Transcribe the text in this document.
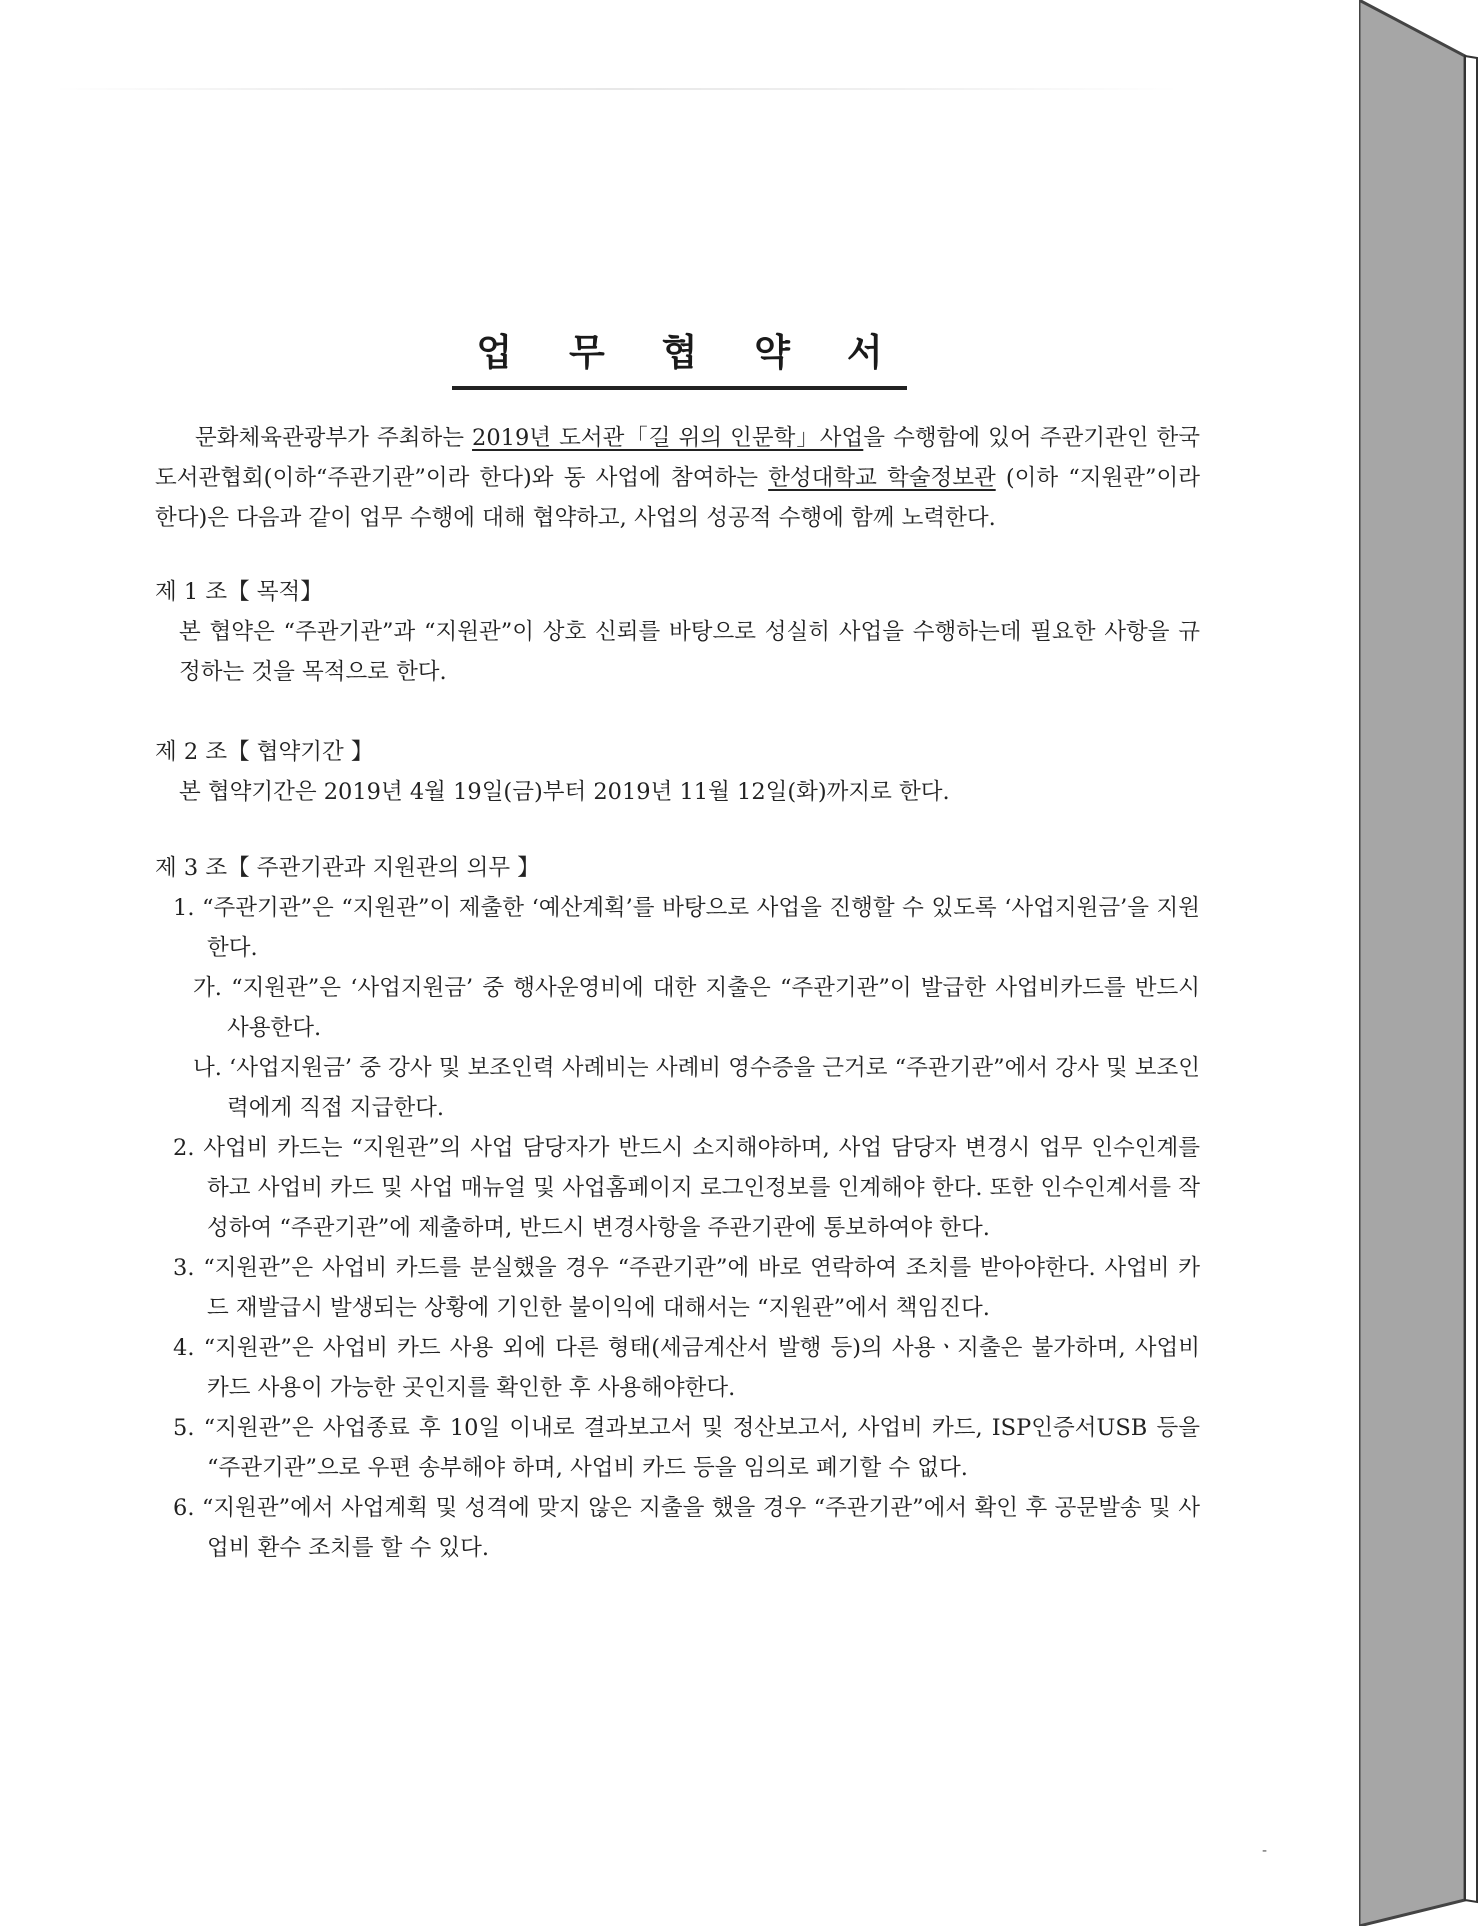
업 무 협 약 서

문화체육관광부가 주최하는 2019년 도서관「길 위의 인문학」사업을 수행함에 있어 주관기관인 한국도서관협회(이하“주관기관”이라 한다)와 동 사업에 참여하는 한성대학교 학술정보관 (이하 “지원관”이라 한다)은 다음과 같이 업무 수행에 대해 협약하고, 사업의 성공적 수행에 함께 노력한다.

제 1 조【 목적】

본 협약은 “주관기관”과 “지원관”이 상호 신뢰를 바탕으로 성실히 사업을 수행하는데 필요한 사항을 규정하는 것을 목적으로 한다.

제 2 조【 협약기간 】

본 협약기간은 2019년 4월 19일(금)부터 2019년 11월 12일(화)까지로 한다.

제 3 조【 주관기관과 지원관의 의무 】

1. “주관기관”은 “지원관”이 제출한 ‘예산계획’를 바탕으로 사업을 진행할 수 있도록 ‘사업지원금’을 지원한다.

가. “지원관”은 ‘사업지원금’ 중 행사운영비에 대한 지출은 “주관기관”이 발급한 사업비카드를 반드시 사용한다.

나. ‘사업지원금’ 중 강사 및 보조인력 사례비는 사례비 영수증을 근거로 “주관기관”에서 강사 및 보조인력에게 직접 지급한다.

2. 사업비 카드는 “지원관”의 사업 담당자가 반드시 소지해야하며, 사업 담당자 변경시 업무 인수인계를 하고 사업비 카드 및 사업 매뉴얼 및 사업홈페이지 로그인정보를 인계해야 한다. 또한 인수인계서를 작성하여 “주관기관”에 제출하며, 반드시 변경사항을 주관기관에 통보하여야 한다.

3. “지원관”은 사업비 카드를 분실했을 경우 “주관기관”에 바로 연락하여 조치를 받아야한다. 사업비 카드 재발급시 발생되는 상황에 기인한 불이익에 대해서는 “지원관”에서 책임진다.

4. “지원관”은 사업비 카드 사용 외에 다른 형태(세금계산서 발행 등)의 사용ㆍ지출은 불가하며, 사업비 카드 사용이 가능한 곳인지를 확인한 후 사용해야한다.

5. “지원관”은 사업종료 후 10일 이내로 결과보고서 및 정산보고서, 사업비 카드, ISP인증서USB 등을 “주관기관”으로 우편 송부해야 하며, 사업비 카드 등을 임의로 폐기할 수 없다.

6. “지원관”에서 사업계획 및 성격에 맞지 않은 지출을 했을 경우 “주관기관”에서 확인 후 공문발송 및 사업비 환수 조치를 할 수 있다.

-
